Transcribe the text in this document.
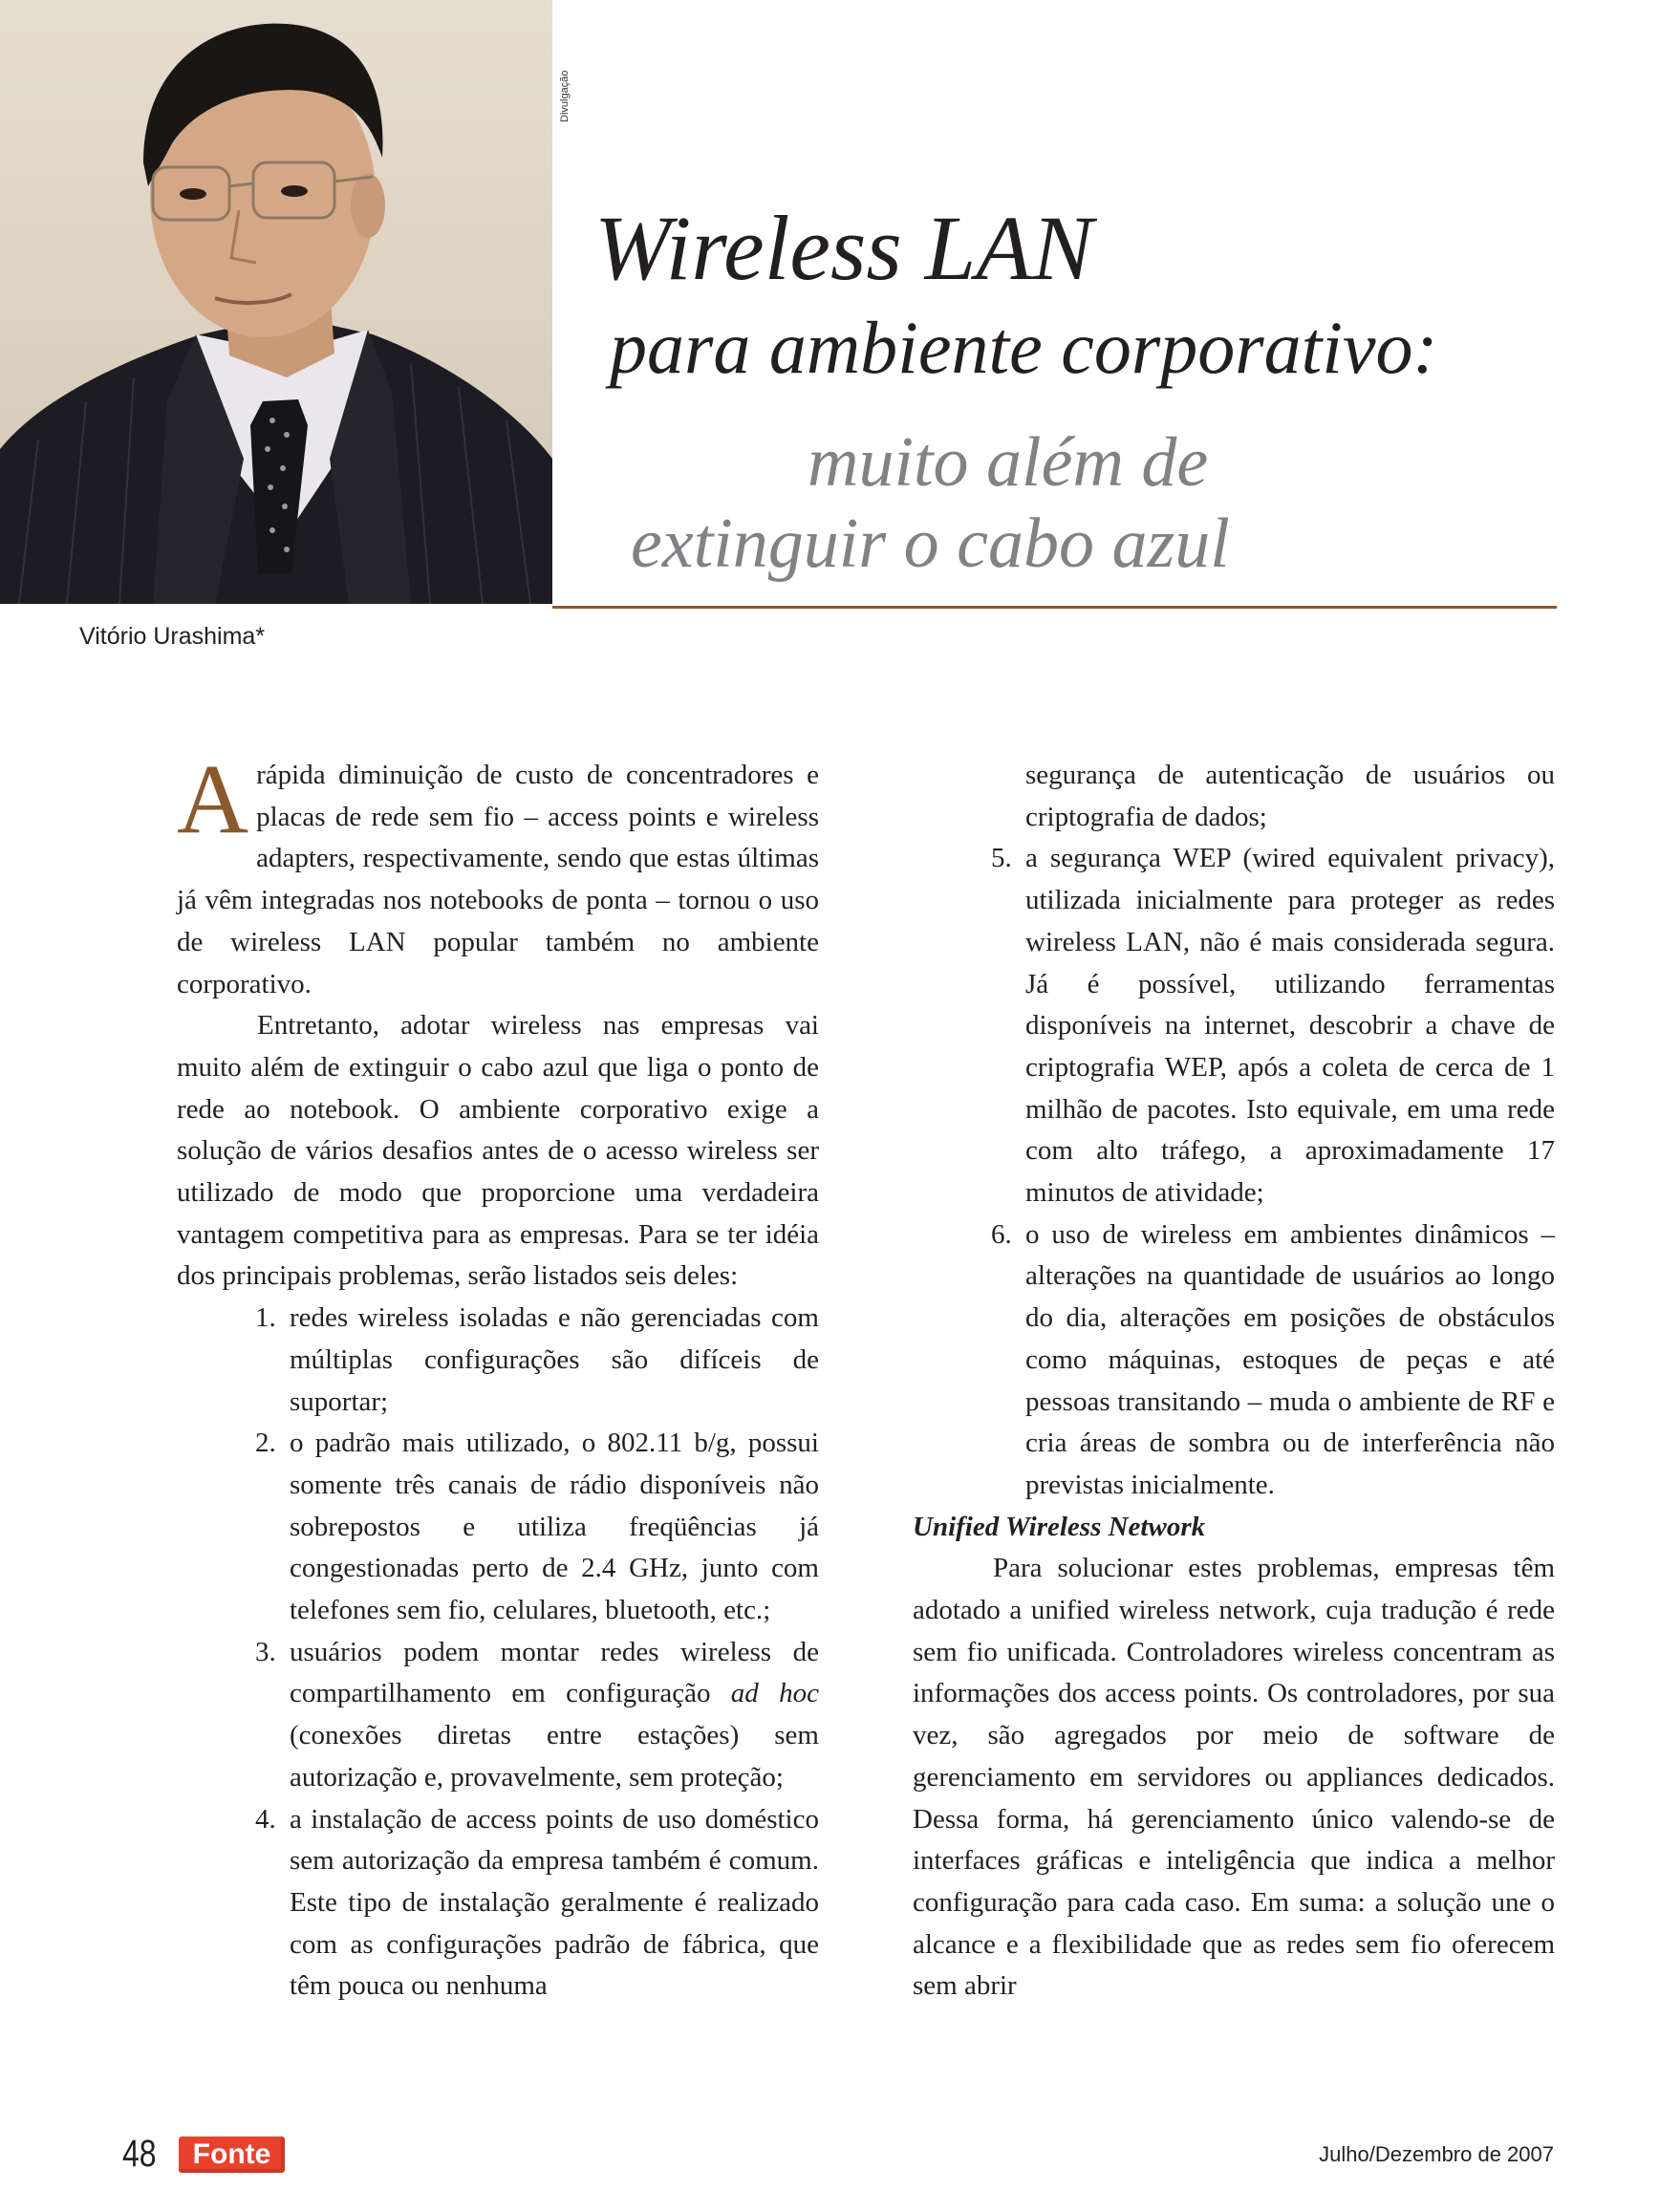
Divulgação
Wireless LAN
para ambiente corporativo:
muito além de
extinguir o cabo azul

Vitório Urashima*

Arápida diminuição de custo de concentradores e placas de rede sem fio – access points e wireless adapters, respectivamente, sendo que estas últimas já vêm integradas nos notebooks de ponta – tornou o uso de wireless LAN popular também no ambiente corporativo.

Entretanto, adotar wireless nas empresas vai muito além de extinguir o cabo azul que liga o ponto de rede ao notebook. O ambiente corporativo exige a solução de vários desafios antes de o acesso wireless ser utilizado de modo que proporcione uma verdadeira vantagem competitiva para as empresas. Para se ter idéia dos principais problemas, serão listados seis deles:

1. redes wireless isoladas e não gerenciadas com múltiplas configurações são difíceis de suportar;
2. o padrão mais utilizado, o 802.11 b/g, possui somente três canais de rádio disponíveis não sobrepostos e utiliza freqüências já congestionadas perto de 2.4 GHz, junto com telefones sem fio, celulares, bluetooth, etc.;
3. usuários podem montar redes wireless de compartilhamento em configuração ad hoc (conexões diretas entre estações) sem autorização e, provavelmente, sem proteção;
4. a instalação de access points de uso doméstico sem autorização da empresa também é comum. Este tipo de instalação geralmente é realizado com as configurações padrão de fábrica, que têm pouca ou nenhuma
segurança de autenticação de usuários ou criptografia de dados;
5. a segurança WEP (wired equivalent privacy), utilizada inicialmente para proteger as redes wireless LAN, não é mais considerada segura. Já é possível, utilizando ferramentas disponíveis na internet, descobrir a chave de criptografia WEP, após a coleta de cerca de 1 milhão de pacotes. Isto equivale, em uma rede com alto tráfego, a aproximadamente 17 minutos de atividade;
6. o uso de wireless em ambientes dinâmicos – alterações na quantidade de usuários ao longo do dia, alterações em posições de obstáculos como máquinas, estoques de peças e até pessoas transitando – muda o ambiente de RF e cria áreas de sombra ou de interferência não previstas inicialmente.

Unified Wireless Network

Para solucionar estes problemas, empresas têm adotado a unified wireless network, cuja tradução é rede sem fio unificada. Controladores wireless concentram as informações dos access points. Os controladores, por sua vez, são agregados por meio de software de gerenciamento em servidores ou appliances dedicados. Dessa forma, há gerenciamento único valendo-se de interfaces gráficas e inteligência que indica a melhor configuração para cada caso. Em suma: a solução une o alcance e a flexibilidade que as redes sem fio oferecem sem abrir

48	Fonte	Julho/Dezembro de 2007
